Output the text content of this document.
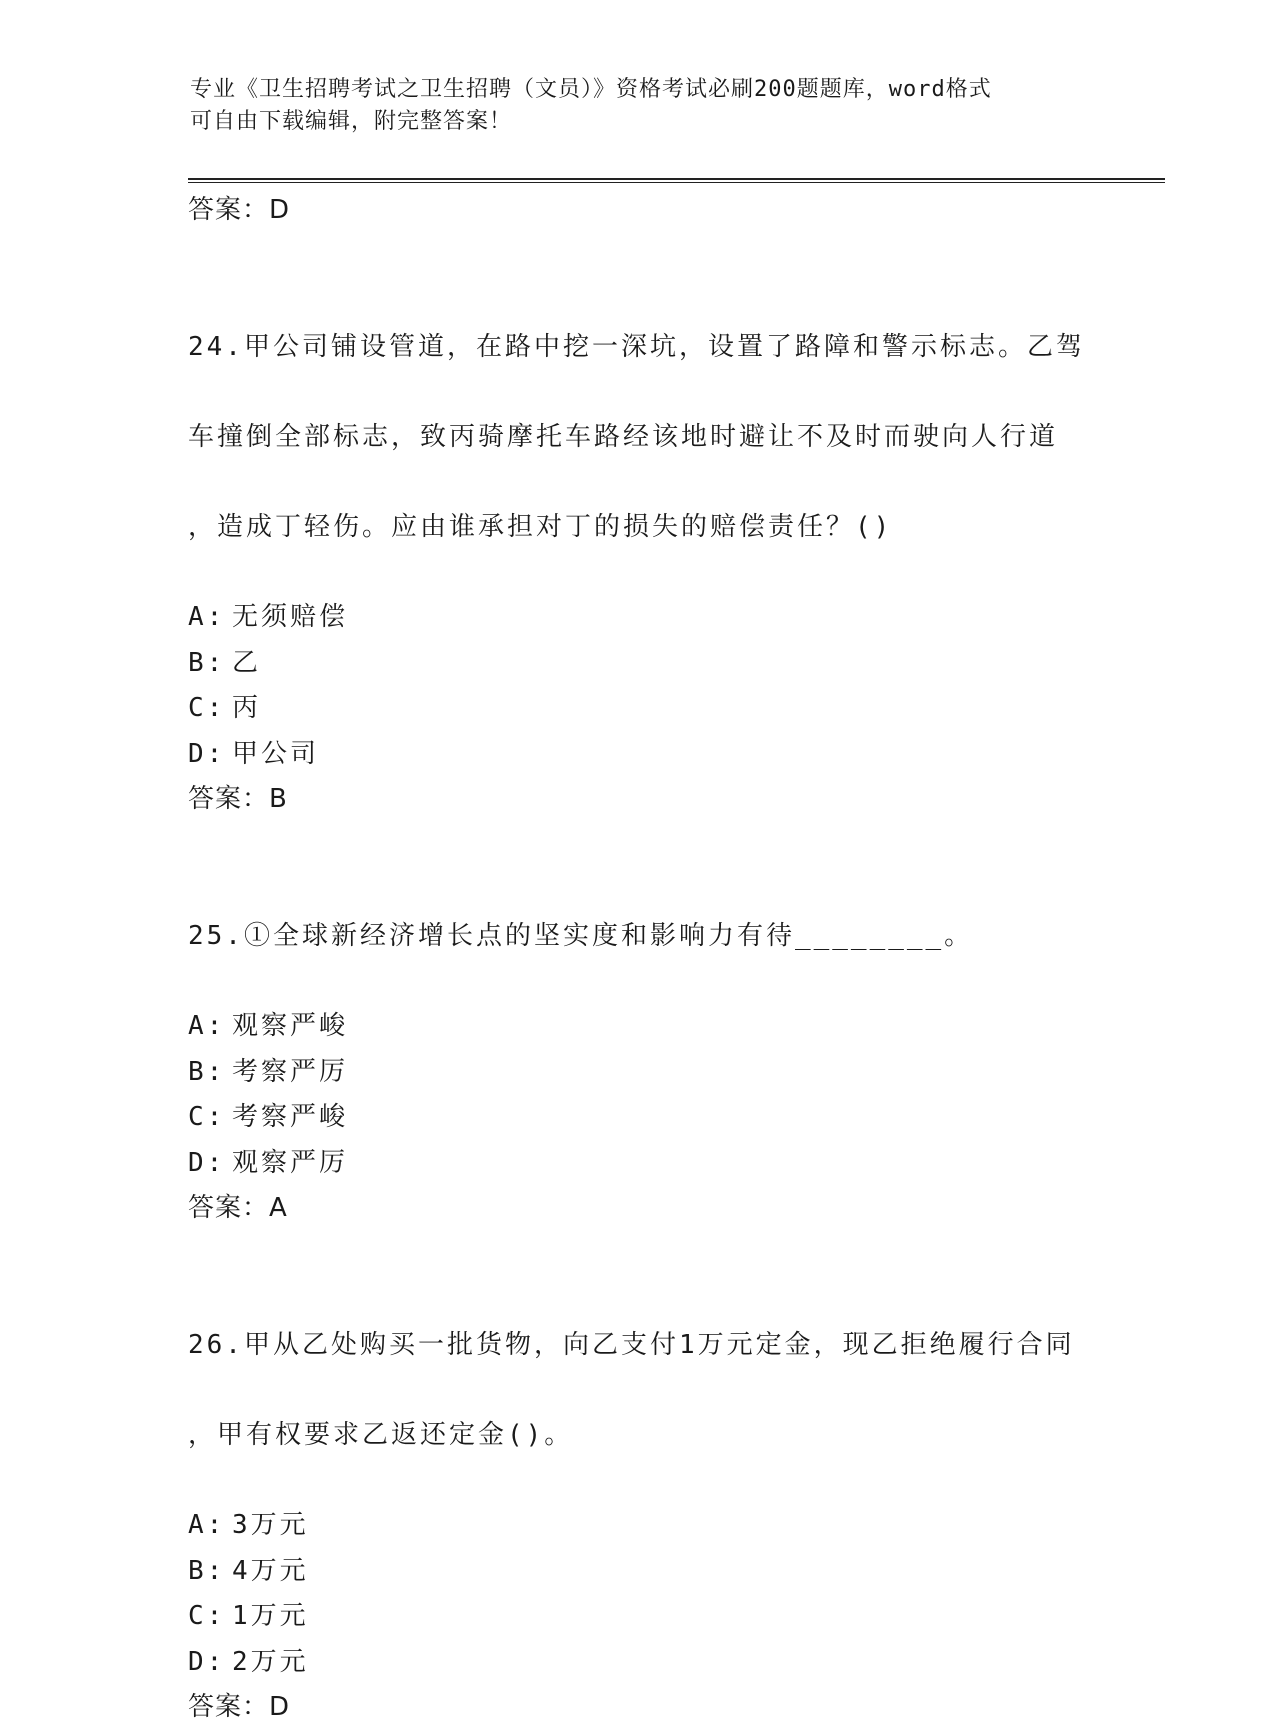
专业《卫生招聘考试之卫生招聘（文员）》资格考试必刷200题题库，word格式
可自由下载编辑，附完整答案！
答案：D

24.甲公司铺设管道，在路中挖一深坑，设置了路障和警示标志。乙驾

车撞倒全部标志，致丙骑摩托车路经该地时避让不及时而驶向人行道

，造成丁轻伤。应由谁承担对丁的损失的赔偿责任？()

A: 无须赔偿
B: 乙
C: 丙
D: 甲公司
答案：B

25.①全球新经济增长点的坚实度和影响力有待________。

A: 观察严峻
B: 考察严厉
C: 考察严峻
D: 观察严厉
答案：A

26.甲从乙处购买一批货物，向乙支付1万元定金，现乙拒绝履行合同

，甲有权要求乙返还定金()。

A: 3万元
B: 4万元
C: 1万元
D: 2万元
答案：D
